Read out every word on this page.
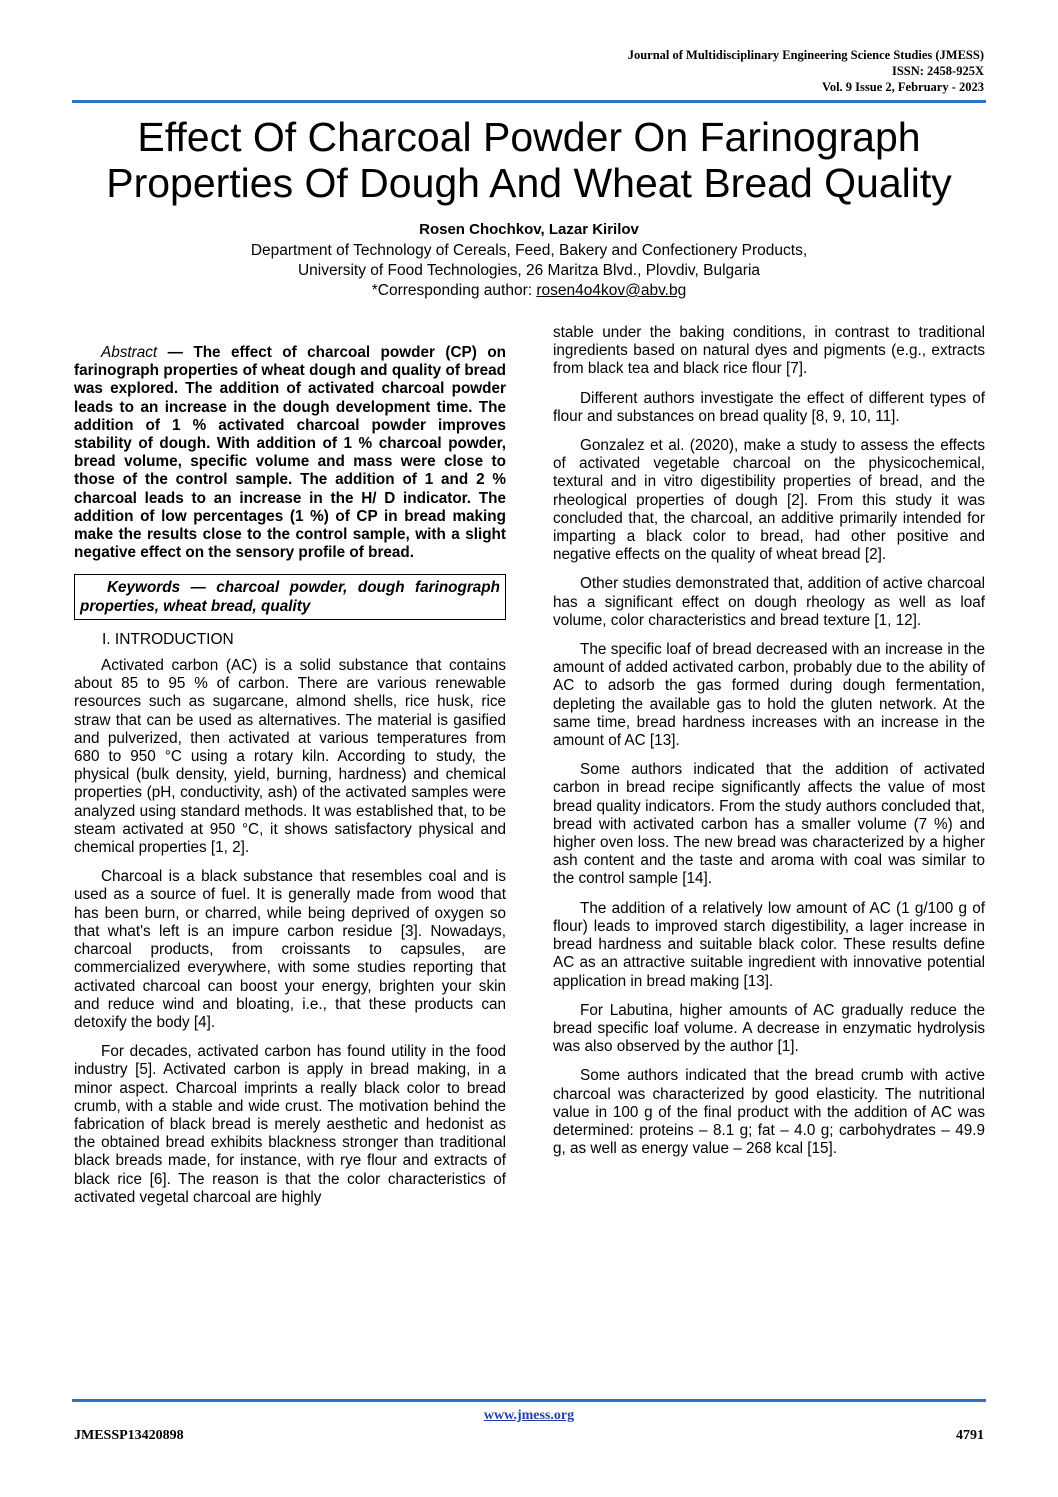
Journal of Multidisciplinary Engineering Science Studies (JMESS)
ISSN: 2458-925X
Vol. 9 Issue 2, February - 2023
Effect Of Charcoal Powder On Farinograph
Properties Of Dough And Wheat Bread Quality
Rosen Chochkov, Lazar Kirilov
Department of Technology of Cereals, Feed, Bakery and Confectionery Products,
University of Food Technologies, 26 Maritza Blvd., Plovdiv, Bulgaria
*Corresponding author: rosen4o4kov@abv.bg

Abstract — The effect of charcoal powder (CP) on farinograph properties of wheat dough and quality of bread was explored. The addition of activated charcoal powder leads to an increase in the dough development time. The addition of 1 % activated charcoal powder improves stability of dough. With addition of 1 % charcoal powder, bread volume, specific volume and mass were close to those of the control sample. The addition of 1 and 2 % charcoal leads to an increase in the H/ D indicator. The addition of low percentages (1 %) of CP in bread making make the results close to the control sample, with a slight negative effect on the sensory profile of bread.

Keywords — charcoal powder, dough farinograph properties, wheat bread, quality

I. INTRODUCTION

Activated carbon (AC) is a solid substance that contains about 85 to 95 % of carbon. There are various renewable resources such as sugarcane, almond shells, rice husk, rice straw that can be used as alternatives. The material is gasified and pulverized, then activated at various temperatures from 680 to 950 °C using a rotary kiln. According to study, the physical (bulk density, yield, burning, hardness) and chemical properties (pH, conductivity, ash) of the activated samples were analyzed using standard methods. It was established that, to be steam activated at 950 °C, it shows satisfactory physical and chemical properties [1, 2].

Charcoal is a black substance that resembles coal and is used as a source of fuel. It is generally made from wood that has been burn, or charred, while being deprived of oxygen so that what's left is an impure carbon residue [3]. Nowadays, charcoal products, from croissants to capsules, are commercialized everywhere, with some studies reporting that activated charcoal can boost your energy, brighten your skin and reduce wind and bloating, i.e., that these products can detoxify the body [4].

For decades, activated carbon has found utility in the food industry [5]. Activated carbon is apply in bread making, in a minor aspect. Charcoal imprints a really black color to bread crumb, with a stable and wide crust. The motivation behind the fabrication of black bread is merely aesthetic and hedonist as the obtained bread exhibits blackness stronger than traditional black breads made, for instance, with rye flour and extracts of black rice [6]. The reason is that the color characteristics of activated vegetal charcoal are highly

stable under the baking conditions, in contrast to traditional ingredients based on natural dyes and pigments (e.g., extracts from black tea and black rice flour [7].

Different authors investigate the effect of different types of flour and substances on bread quality [8, 9, 10, 11].

Gonzalez et al. (2020), make a study to assess the effects of activated vegetable charcoal on the physicochemical, textural and in vitro digestibility properties of bread, and the rheological properties of dough [2]. From this study it was concluded that, the charcoal, an additive primarily intended for imparting a black color to bread, had other positive and negative effects on the quality of wheat bread [2].

Other studies demonstrated that, addition of active charcoal has a significant effect on dough rheology as well as loaf volume, color characteristics and bread texture [1, 12].

The specific loaf of bread decreased with an increase in the amount of added activated carbon, probably due to the ability of AC to adsorb the gas formed during dough fermentation, depleting the available gas to hold the gluten network. At the same time, bread hardness increases with an increase in the amount of AC [13].

Some authors indicated that the addition of activated carbon in bread recipe significantly affects the value of most bread quality indicators. From the study authors concluded that, bread with activated carbon has a smaller volume (7 %) and higher oven loss. The new bread was characterized by a higher ash content and the taste and aroma with coal was similar to the control sample [14].

The addition of a relatively low amount of AC (1 g/100 g of flour) leads to improved starch digestibility, a lager increase in bread hardness and suitable black color. These results define AC as an attractive suitable ingredient with innovative potential application in bread making [13].

For Labutina, higher amounts of AC gradually reduce the bread specific loaf volume. A decrease in enzymatic hydrolysis was also observed by the author [1].

Some authors indicated that the bread crumb with active charcoal was characterized by good elasticity. The nutritional value in 100 g of the final product with the addition of AC was determined: proteins – 8.1 g; fat – 4.0 g; carbohydrates – 49.9 g, as well as energy value – 268 kcal [15].

www.jmess.org
JMESSP13420898	4791
